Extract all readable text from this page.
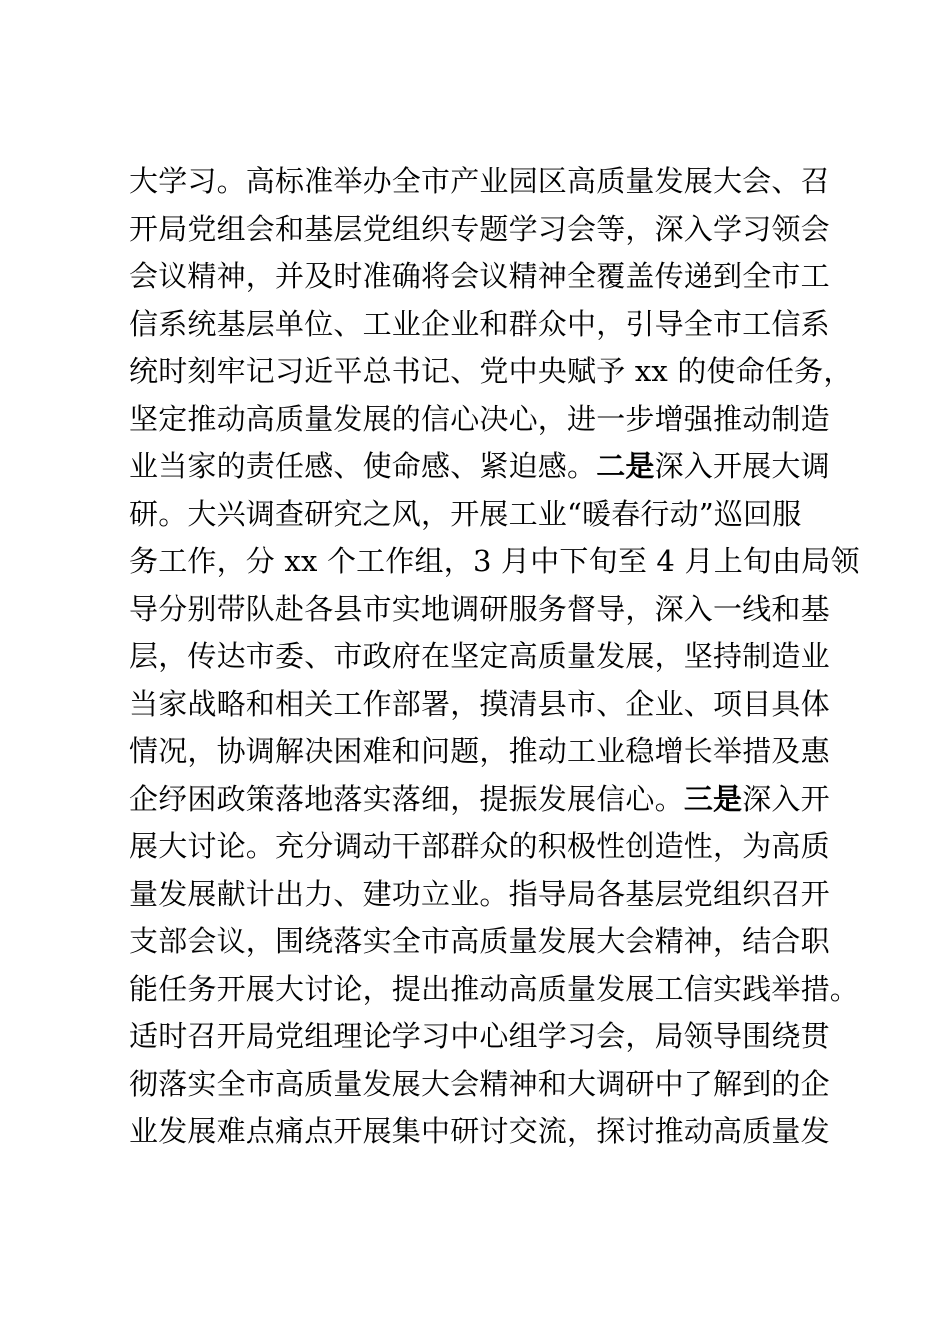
大学习。高标准举办全市产业园区高质量发展大会、召
开局党组会和基层党组织专题学习会等，深入学习领会
会议精神，并及时准确将会议精神全覆盖传递到全市工
信系统基层单位、工业企业和群众中，引导全市工信系
统时刻牢记习近平总书记、党中央赋予 xx 的使命任务，
坚定推动高质量发展的信心决心，进一步增强推动制造
业当家的责任感、使命感、紧迫感。二是深入开展大调
研。大兴调查研究之风，开展工业“暖春行动”巡回服
务工作，分 xx 个工作组，3 月中下旬至 4 月上旬由局领
导分别带队赴各县市实地调研服务督导，深入一线和基
层，传达市委、市政府在坚定高质量发展，坚持制造业
当家战略和相关工作部署，摸清县市、企业、项目具体
情况，协调解决困难和问题，推动工业稳增长举措及惠
企纾困政策落地落实落细，提振发展信心。三是深入开
展大讨论。充分调动干部群众的积极性创造性，为高质
量发展献计出力、建功立业。指导局各基层党组织召开
支部会议，围绕落实全市高质量发展大会精神，结合职
能任务开展大讨论，提出推动高质量发展工信实践举措。
适时召开局党组理论学习中心组学习会，局领导围绕贯
彻落实全市高质量发展大会精神和大调研中了解到的企
业发展难点痛点开展集中研讨交流，探讨推动高质量发
